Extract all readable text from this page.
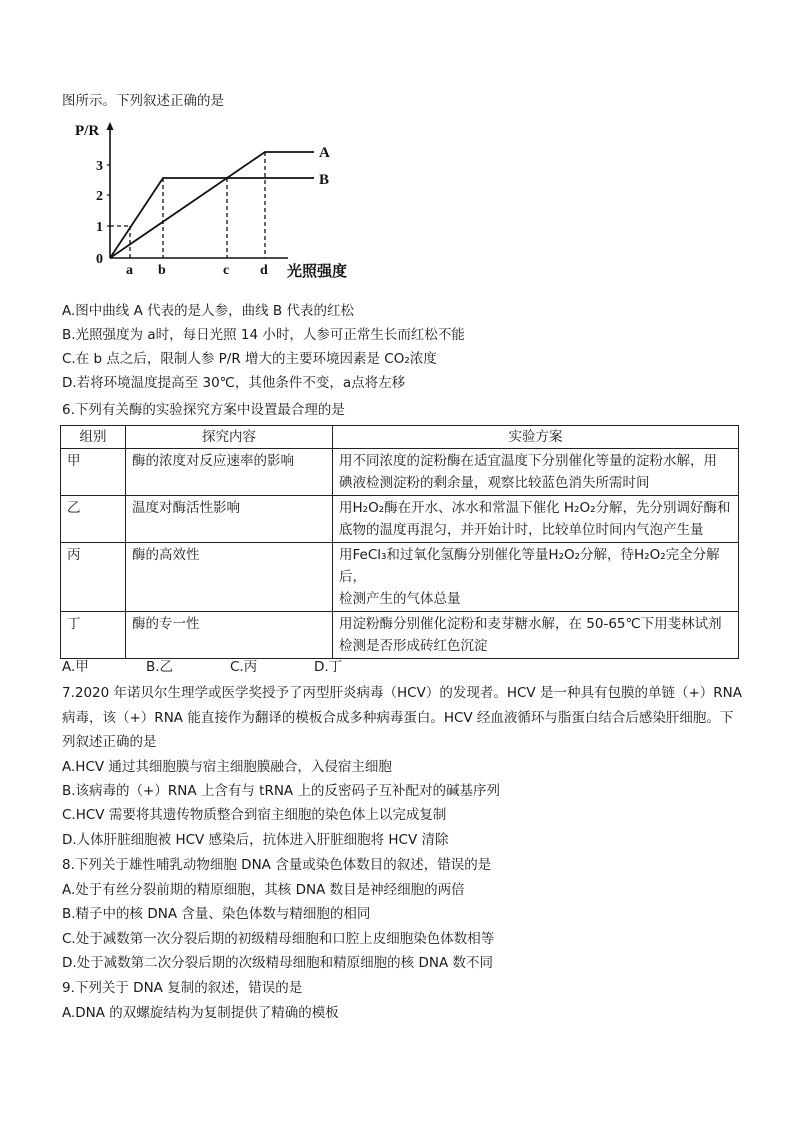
图所示。下列叙述正确的是
P/R
0
1
2
3
A
B
a b	c d 光照强度
A.图中曲线 A 代表的是人参，曲线 B 代表的红松
B.光照强度为 a时，每日光照 14 小时，人参可正常生长而红松不能
C.在 b 点之后，限制人参 P/R 增大的主要环境因素是 CO₂浓度
D.若将环境温度提高至 30℃，其他条件不变，a点将左移
6.下列有关酶的实验探究方案中设置最合理的是
组别	探究内容	实验方案
甲	酶的浓度对反应速率的影响	用不同浓度的淀粉酶在适宜温度下分别催化等量的淀粉水解，用
碘液检测淀粉的剩余量，观察比较蓝色消失所需时间

乙	温度对酶活性影响	用H₂O₂酶在开水、冰水和常温下催化 H₂O₂分解，先分别调好酶和
底物的温度再混匀，并开始计时，比较单位时间内气泡产生量

丙	酶的高效性	用FeCl₃和过氧化氢酶分别催化等量H₂O₂分解，待H₂O₂完全分解后，
检测产生的气体总量

丁	酶的专一性	用淀粉酶分别催化淀粉和麦芽糖水解，在 50-65℃下用斐林试剂
检测是否形成砖红色沉淀
A.甲	B.乙	C.丙	D.丁
7.2020 年诺贝尔生理学或医学奖授予了丙型肝炎病毒（HCV）的发现者。HCV 是一种具有包膜的单链（+）RNA
病毒，该（+）RNA 能直接作为翻译的模板合成多种病毒蛋白。HCV 经血液循环与脂蛋白结合后感染肝细胞。下
列叙述正确的是
A.HCV 通过其细胞膜与宿主细胞膜融合，入侵宿主细胞
B.该病毒的（+）RNA 上含有与 tRNA 上的反密码子互补配对的碱基序列
C.HCV 需要将其遗传物质整合到宿主细胞的染色体上以完成复制
D.人体肝脏细胞被 HCV 感染后，抗体进入肝脏细胞将 HCV 清除
8.下列关于雄性哺乳动物细胞 DNA 含量或染色体数目的叙述，错误的是
A.处于有丝分裂前期的精原细胞，其核 DNA 数目是神经细胞的两倍
B.精子中的核 DNA 含量、染色体数与精细胞的相同
C.处于减数第一次分裂后期的初级精母细胞和口腔上皮细胞染色体数相等
D.处于减数第二次分裂后期的次级精母细胞和精原细胞的核 DNA 数不同
9.下列关于 DNA 复制的叙述，错误的是
A.DNA 的双螺旋结构为复制提供了精确的模板
